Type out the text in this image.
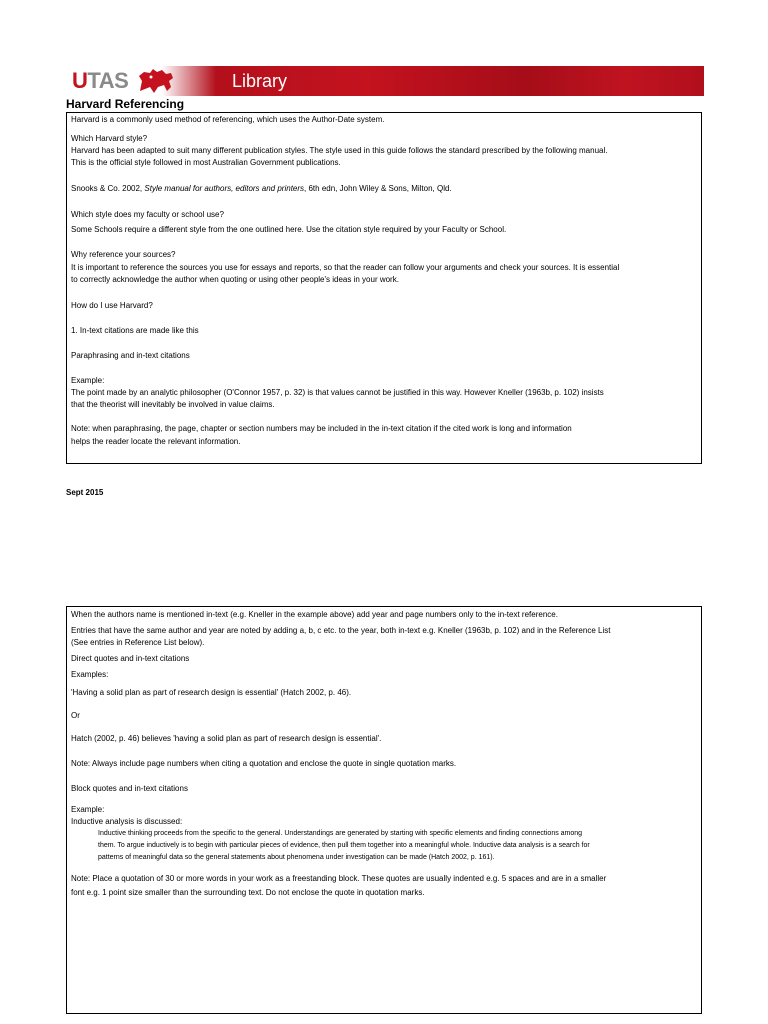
UTAS	Library
Harvard Referencing

Harvard is a commonly used method of referencing, which uses the Author-Date system.

Which Harvard style?

Harvard has been adapted to suit many different publication styles. The style used in this guide follows the standard prescribed by the following manual.

This is the official style followed in most Australian Government publications.

Snooks & Co. 2002, Style manual for authors, editors and printers, 6th edn, John Wiley & Sons, Milton, Qld.

Which style does my faculty or school use?

Some Schools require a different style from the one outlined here. Use the citation style required by your Faculty or School.

Why reference your sources?

It is important to reference the sources you use for essays and reports, so that the reader can follow your arguments and check your sources. It is essential

to correctly acknowledge the author when quoting or using other people's ideas in your work.

How do I use Harvard?

1. In-text citations are made like this

Paraphrasing and in-text citations

Example:

The point made by an analytic philosopher (O'Connor 1957, p. 32) is that values cannot be justified in this way. However Kneller (1963b, p. 102) insists

that the theorist will inevitably be involved in value claims.

Note: when paraphrasing, the page, chapter or section numbers may be included in the in-text citation if the cited work is long and information

helps the reader locate the relevant information.

Sept 2015

When the authors name is mentioned in-text (e.g. Kneller in the example above) add year and page numbers only to the in-text reference.

Entries that have the same author and year are noted by adding a, b, c etc. to the year, both in-text e.g. Kneller (1963b, p. 102) and in the Reference List

(See entries in Reference List below).

Direct quotes and in-text citations

Examples:

'Having a solid plan as part of research design is essential' (Hatch 2002, p. 46).

Or

Hatch (2002, p. 46) believes 'having a solid plan as part of research design is essential'.

Note: Always include page numbers when citing a quotation and enclose the quote in single quotation marks.

Block quotes and in-text citations

Example:

Inductive analysis is discussed:

Inductive thinking proceeds from the specific to the general. Understandings are generated by starting with specific elements and finding connections among

them. To argue inductively is to begin with particular pieces of evidence, then pull them together into a meaningful whole. Inductive data analysis is a search for

patterns of meaningful data so the general statements about phenomena under investigation can be made (Hatch 2002, p. 161).

Note: Place a quotation of 30 or more words in your work as a freestanding block. These quotes are usually indented e.g. 5 spaces and are in a smaller

font e.g. 1 point size smaller than the surrounding text. Do not enclose the quote in quotation marks.
